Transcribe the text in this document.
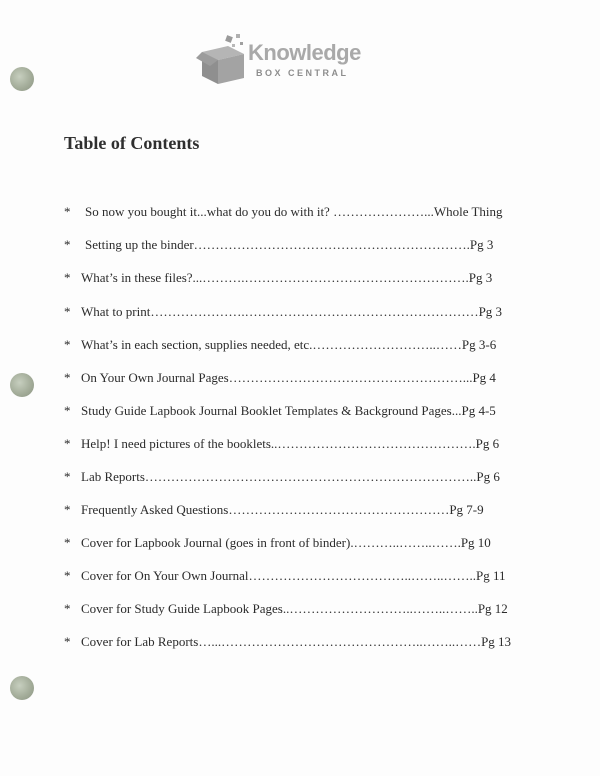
Knowledge
BOX CENTRAL
Table of Contents
* So now you bought it...what do you do with it? …………………...Whole Thing
* Setting up the binder……………………………………………………….Pg 3
* What’s in these files?...……….…………………………………………….Pg 3
* What to print………………….………………………………………………Pg 3
* What’s in each section, supplies needed, etc.………………………..……Pg 3-6
* On Your Own Journal Pages………………………………………………...Pg 4
* Study Guide Lapbook Journal Booklet Templates & Background Pages...Pg 4-5
* Help! I need pictures of the booklets..……………………………………….Pg 6
* Lab Reports…………………………………………………………………..Pg 6
* Frequently Asked Questions……………………………………………Pg 7-9
* Cover for Lapbook Journal (goes in front of binder).………..……..…….Pg 10
* Cover for On Your Own Journal………………………………..……..……..Pg 11
* Cover for Study Guide Lapbook Pages..………………………..……..……..Pg 12
* Cover for Lab Reports…...………………………………………..……..……Pg 13
